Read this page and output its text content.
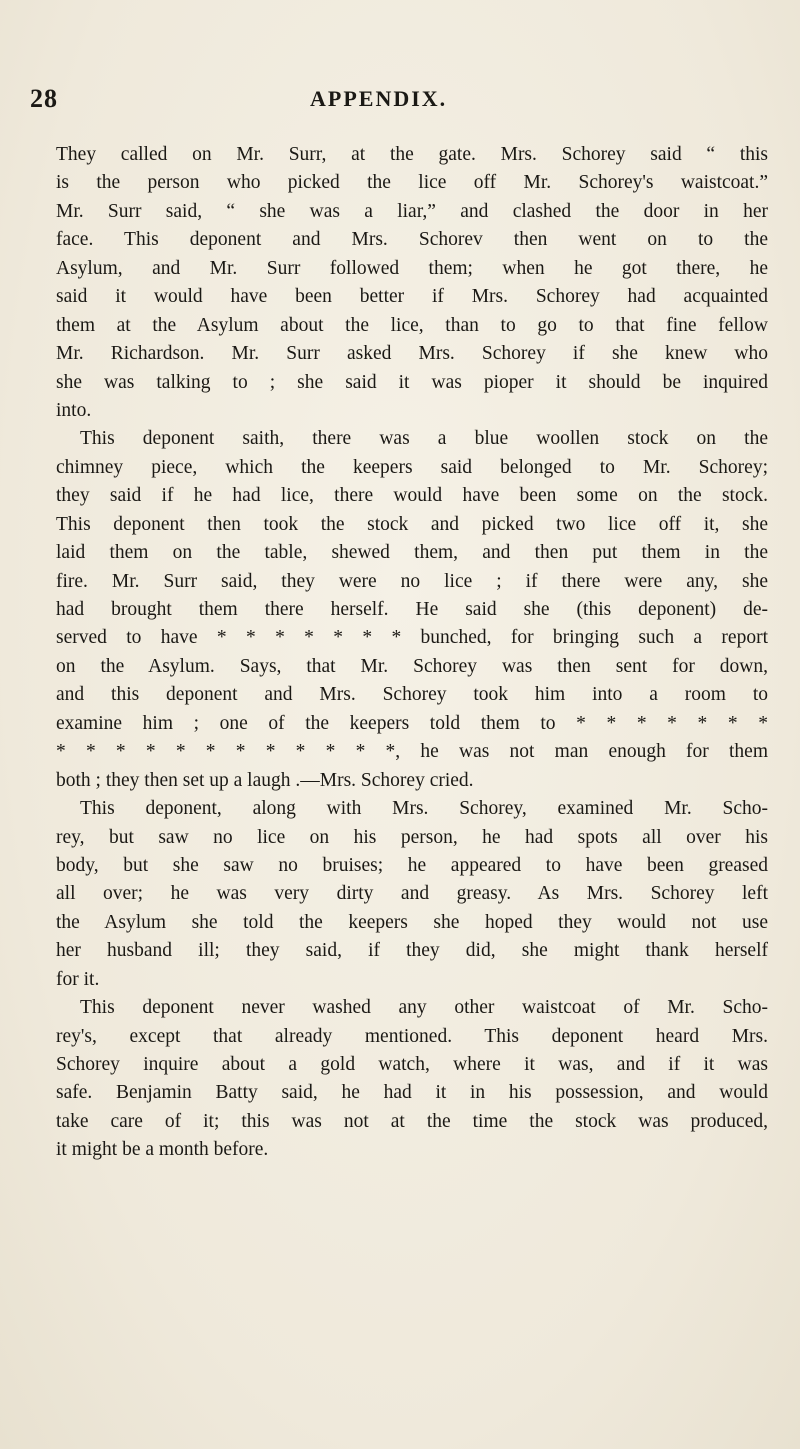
28	APPENDIX.
They called on Mr. Surr, at the gate. Mrs. Schorey said “ this
is the person who picked the lice off Mr. Schorey's waistcoat.”
Mr. Surr said, “ she was a liar,” and clashed the door in her
face. This deponent and Mrs. Schorev then went on to the
Asylum, and Mr. Surr followed them; when he got there, he
said it would have been better if Mrs. Schorey had acquainted
them at the Asylum about the lice, than to go to that fine fellow
Mr. Richardson. Mr. Surr asked Mrs. Schorey if she knew who
she was talking to ; she said it was pioper it should be inquired
into.
This deponent saith, there was a blue woollen stock on the
chimney piece, which the keepers said belonged to Mr. Schorey;
they said if he had lice, there would have been some on the stock.
This deponent then took the stock and picked two lice off it, she
laid them on the table, shewed them, and then put them in the
fire. Mr. Surr said, they were no lice ; if there were any, she
had brought them there herself. He said she (this deponent) de-
served to have * * * * * * * bunched, for bringing such a report
on the Asylum. Says, that Mr. Schorey was then sent for down,
and this deponent and Mrs. Schorey took him into a room to
examine him ; one of the keepers told them to * * * * * * *
* * * * * * * * * * * *, he was not man enough for them
both ; they then set up a laugh .—Mrs. Schorey cried.
This deponent, along with Mrs. Schorey, examined Mr. Scho-
rey, but saw no lice on his person, he had spots all over his
body, but she saw no bruises; he appeared to have been greased
all over; he was very dirty and greasy. As Mrs. Schorey left
the Asylum she told the keepers she hoped they would not use
her husband ill; they said, if they did, she might thank herself
for it.
This deponent never washed any other waistcoat of Mr. Scho-
rey's, except that already mentioned. This deponent heard Mrs.
Schorey inquire about a gold watch, where it was, and if it was
safe. Benjamin Batty said, he had it in his possession, and would
take care of it; this was not at the time the stock was produced,
it might be a month before.
